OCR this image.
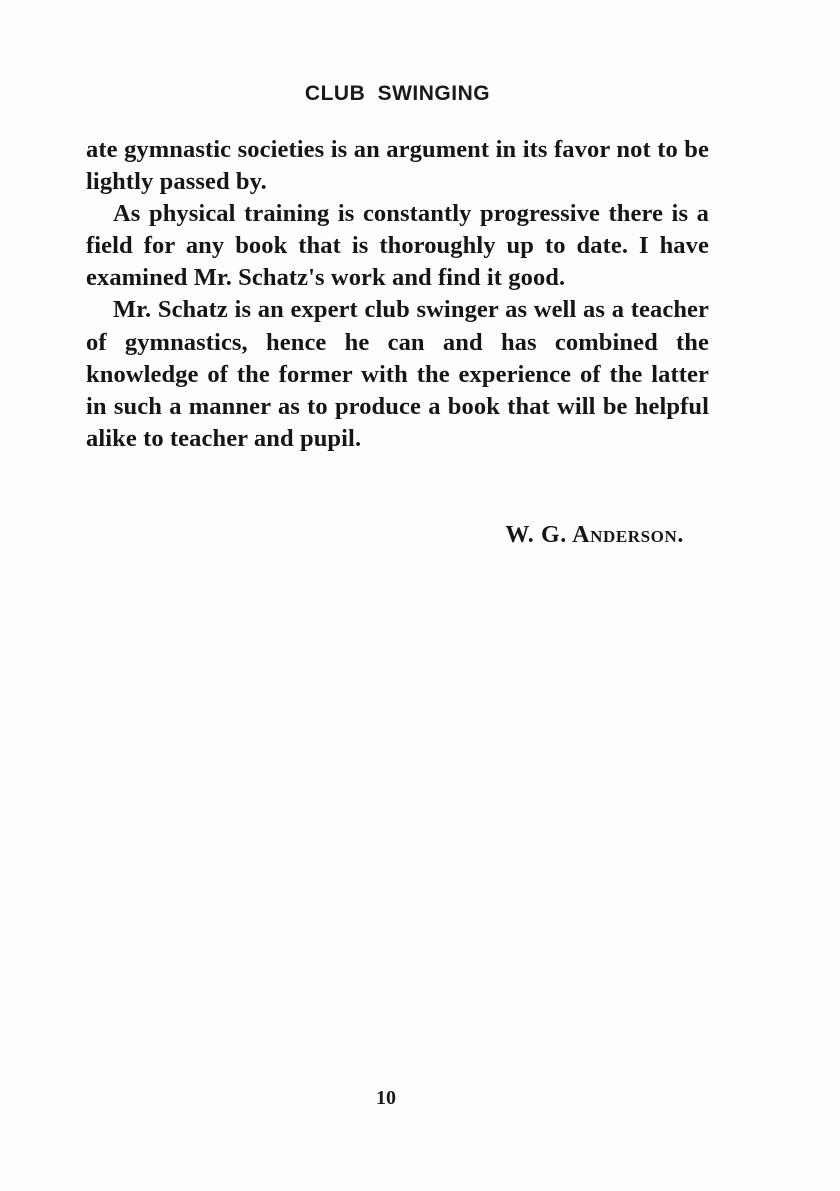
CLUB SWINGING

ate gymnastic societies is an argument in its favor not to be lightly passed by.

As physical training is constantly progressive there is a field for any book that is thoroughly up to date. I have examined Mr. Schatz's work and find it good.

Mr. Schatz is an expert club swinger as well as a teacher of gymnastics, hence he can and has combined the knowledge of the former with the experience of the latter in such a manner as to produce a book that will be helpful alike to teacher and pupil.

W. G. Anderson.
10
